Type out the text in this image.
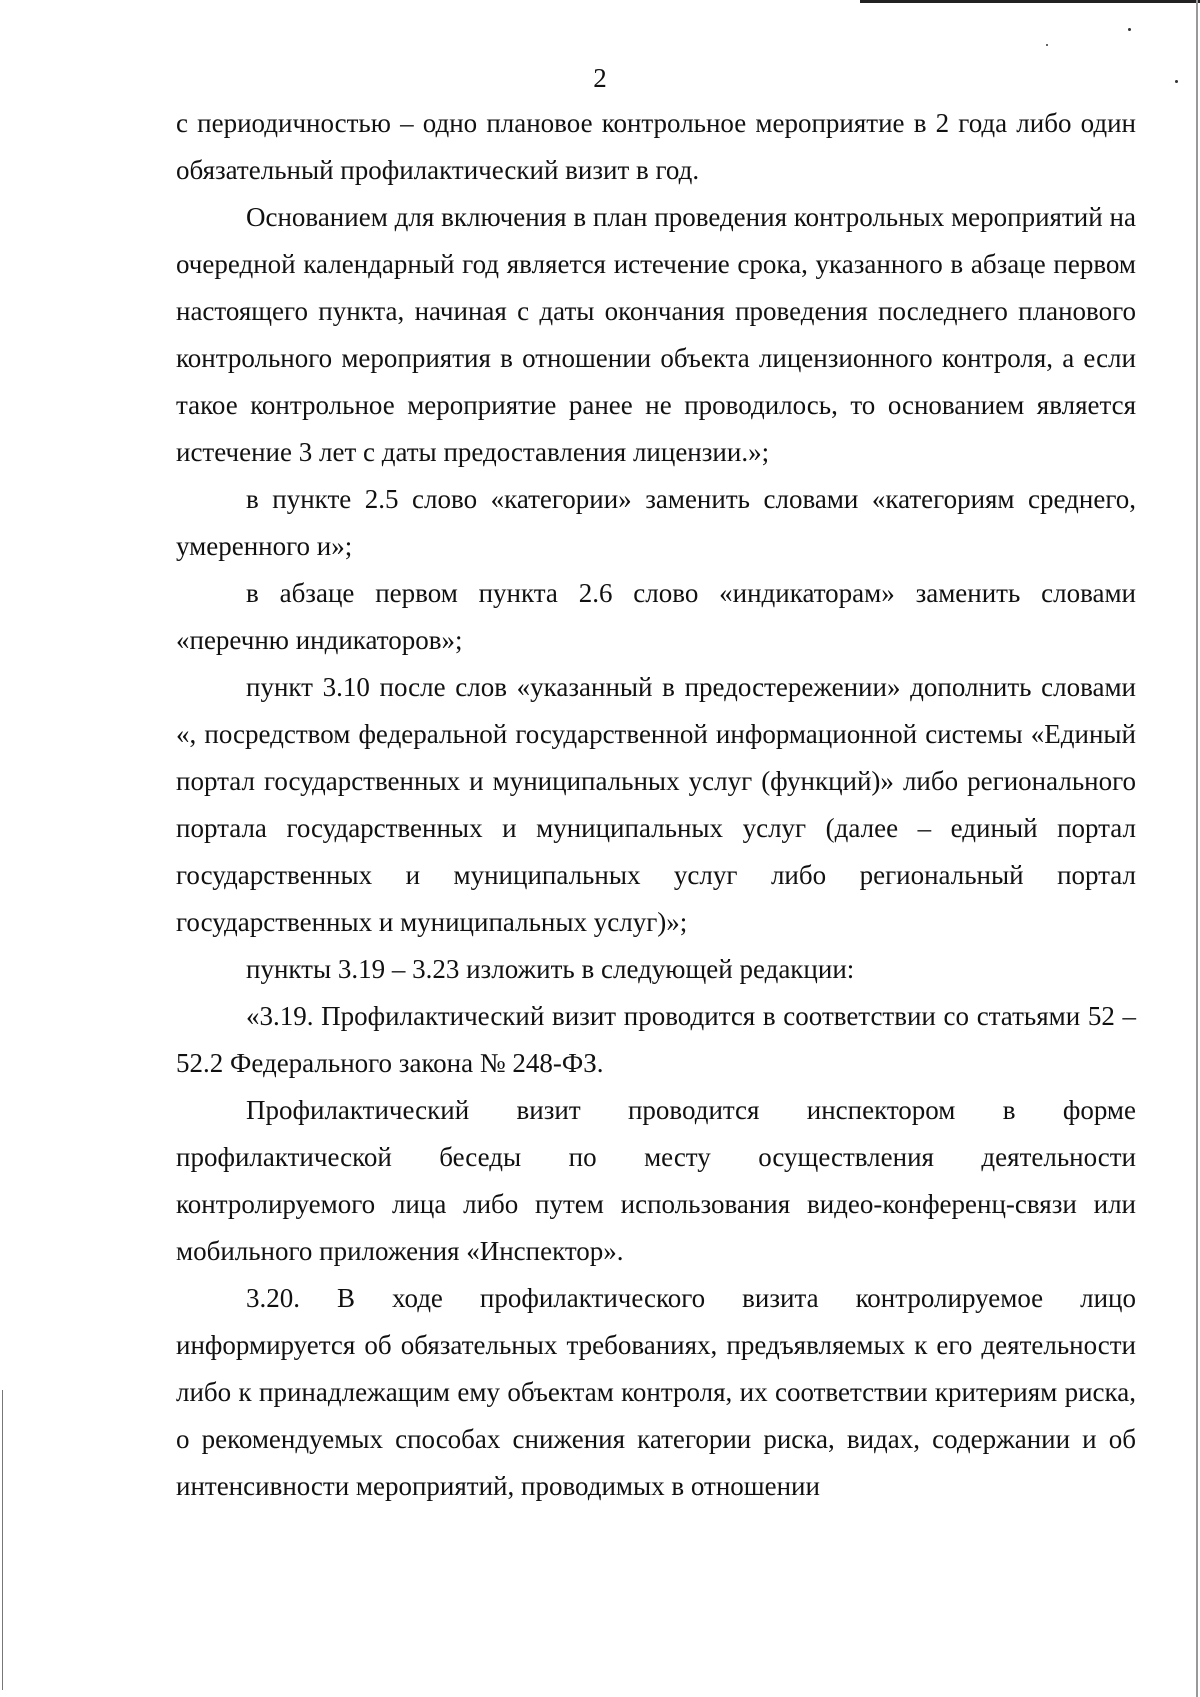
2

с периодичностью – одно плановое контрольное мероприятие в 2 года либо один обязательный профилактический визит в год.

Основанием для включения в план проведения контрольных мероприятий на очередной календарный год является истечение срока, указанного в абзаце первом настоящего пункта, начиная с даты окончания проведения последнего планового контрольного мероприятия в отношении объекта лицензионного контроля, а если такое контрольное мероприятие ранее не проводилось, то основанием является истечение 3 лет с даты предоставления лицензии.»;

в пункте 2.5 слово «категории» заменить словами «категориям среднего, умеренного и»;

в абзаце первом пункта 2.6 слово «индикаторам» заменить словами «перечню индикаторов»;

пункт 3.10 после слов «указанный в предостережении» дополнить словами «, посредством федеральной государственной информационной системы «Единый портал государственных и муниципальных услуг (функций)» либо регионального портала государственных и муниципальных услуг (далее – единый портал государственных и муниципальных услуг либо региональный портал государственных и муниципальных услуг)»;

пункты 3.19 – 3.23 изложить в следующей редакции:

«3.19. Профилактический визит проводится в соответствии со статьями 52 – 52.2 Федерального закона № 248-ФЗ.

Профилактический визит проводится инспектором в форме профилактической беседы по месту осуществления деятельности контролируемого лица либо путем использования видео-конференц-связи или мобильного приложения «Инспектор».

3.20. В ходе профилактического визита контролируемое лицо информируется об обязательных требованиях, предъявляемых к его деятельности либо к принадлежащим ему объектам контроля, их соответствии критериям риска, о рекомендуемых способах снижения категории риска, видах, содержании и об интенсивности мероприятий, проводимых в отношении
